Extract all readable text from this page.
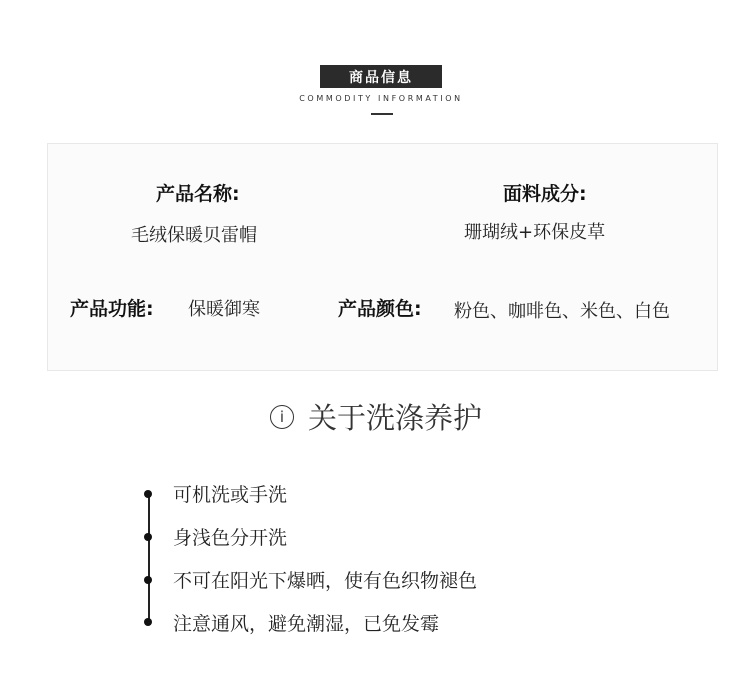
商品信息
COMMODITY INFORMATION
产品名称:
毛绒保暖贝雷帽
面料成分:
珊瑚绒+环保皮草
产品功能: 保暖御寒	产品颜色: 粉色、咖啡色、米色、白色
i 关于洗涤养护
可机洗或手洗
身浅色分开洗
不可在阳光下爆晒，使有色织物褪色
注意通风，避免潮湿，已免发霉
